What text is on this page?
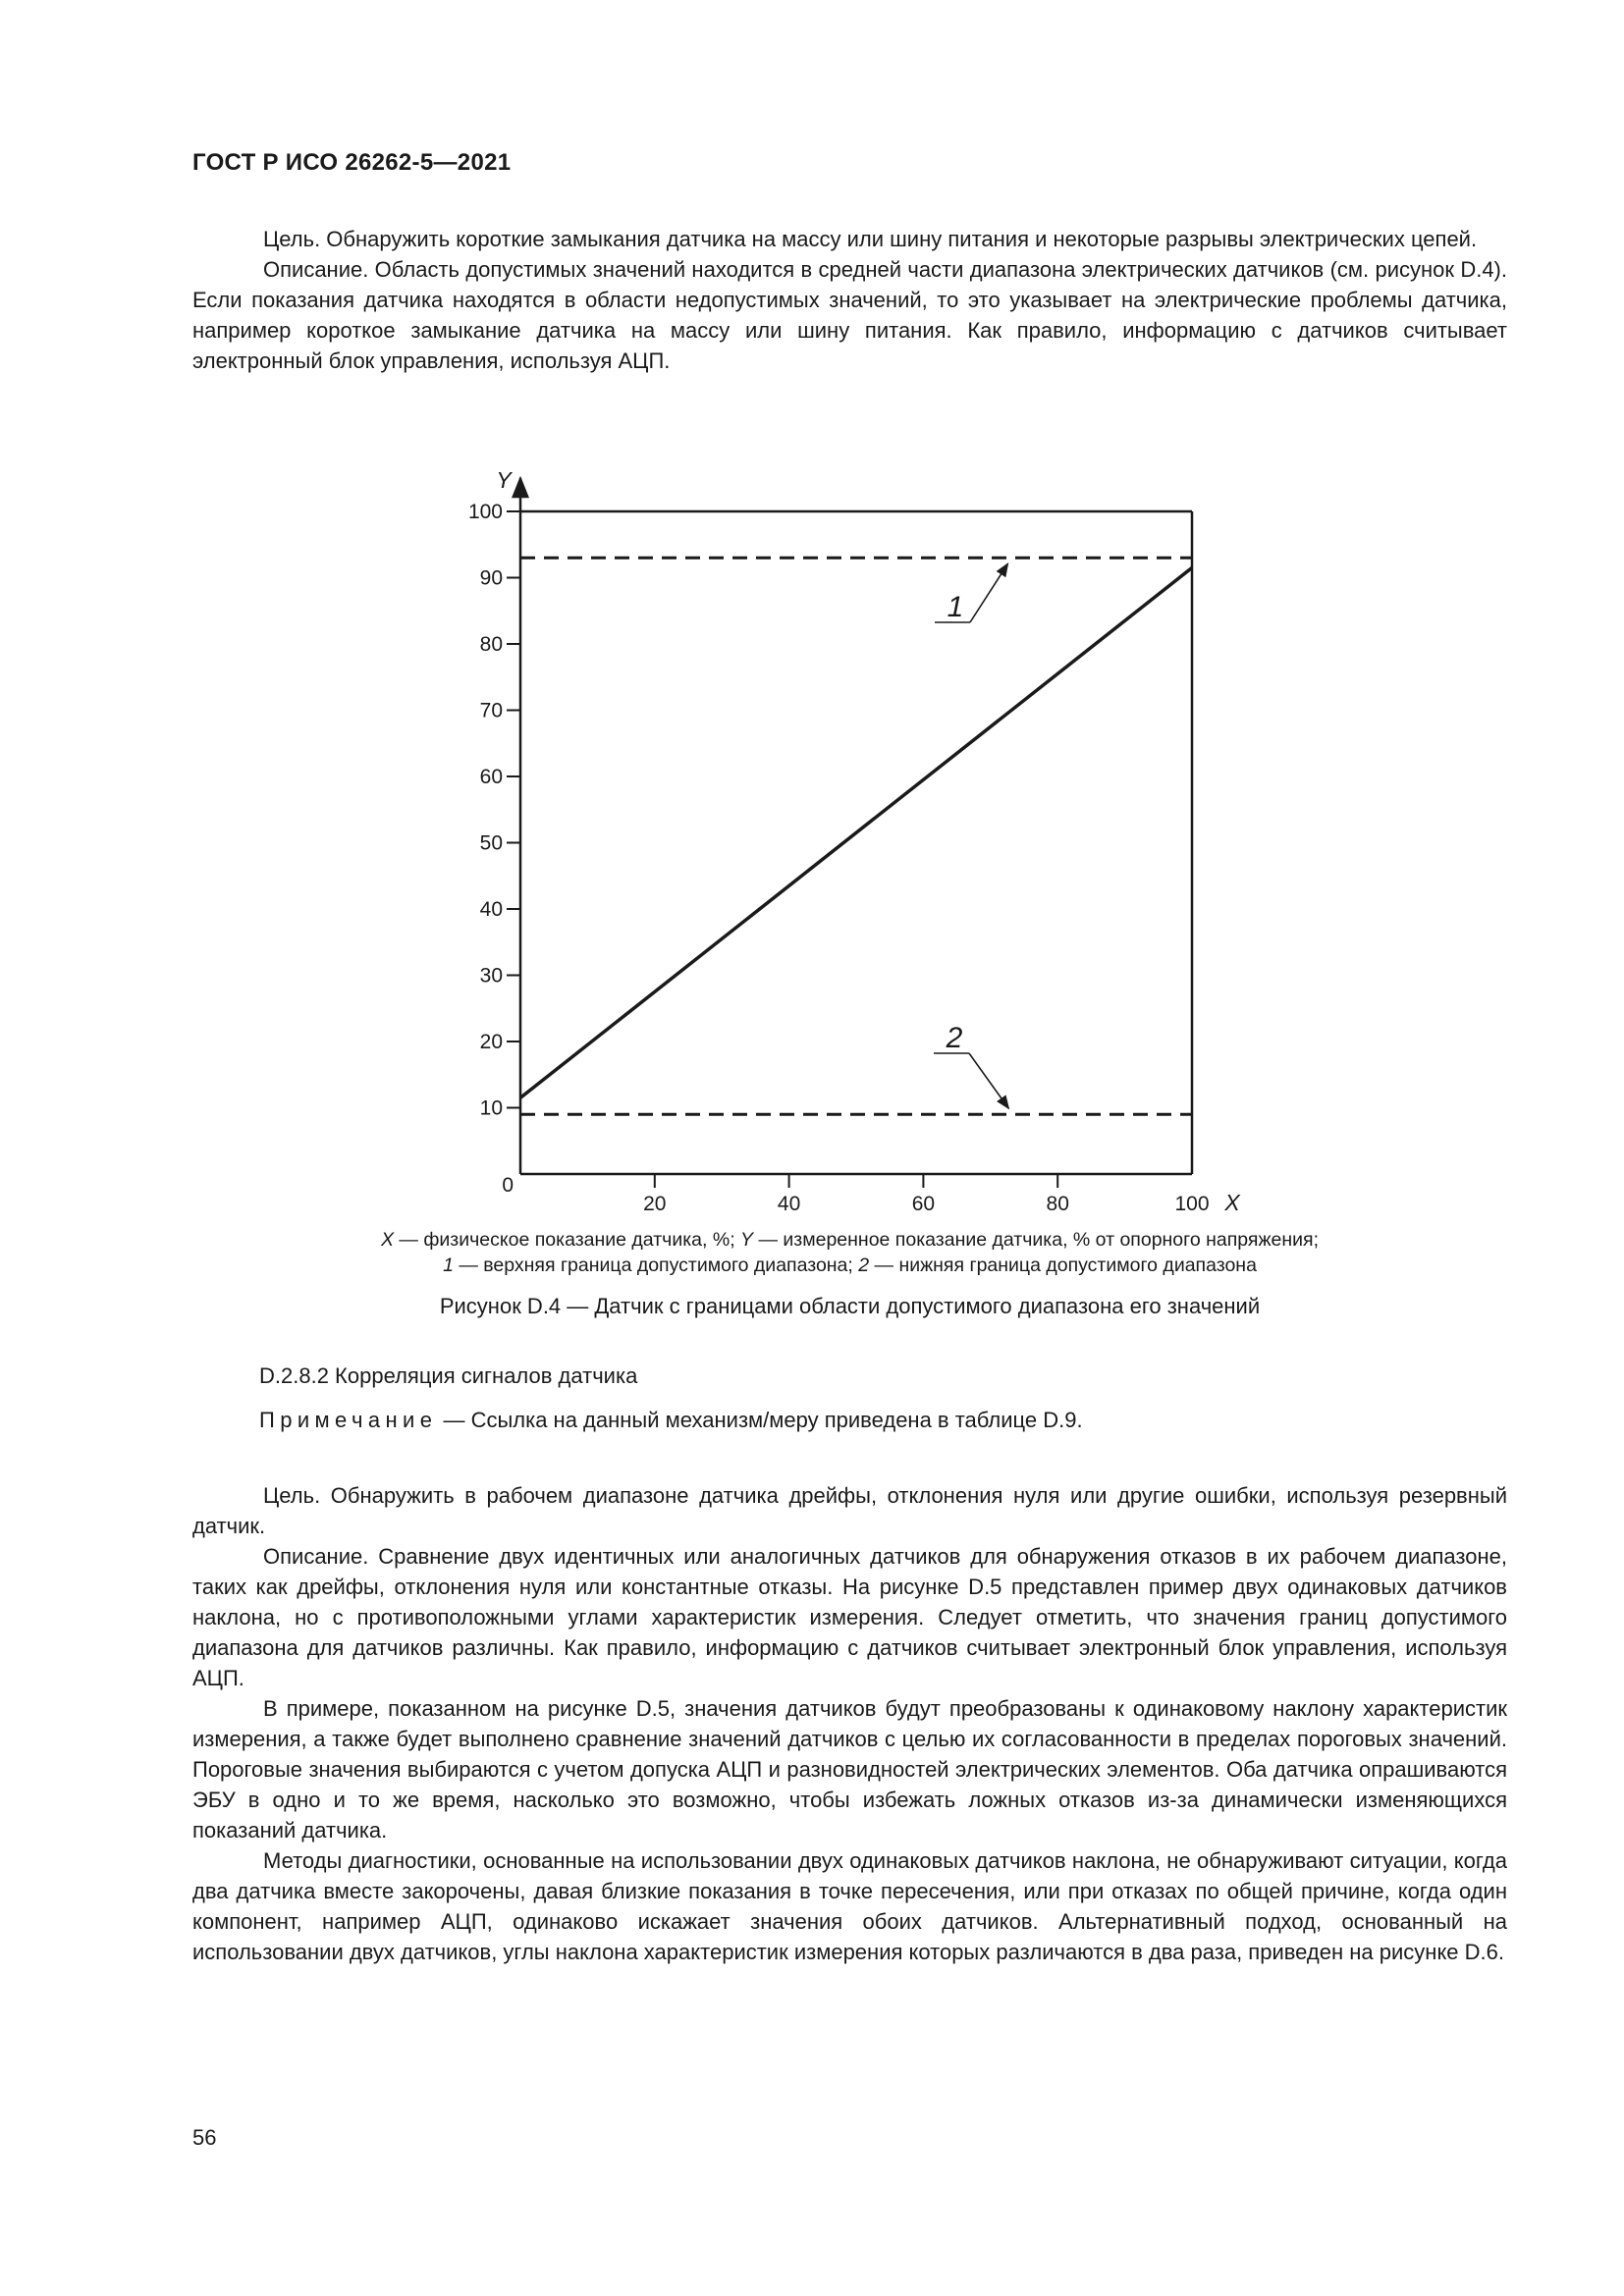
ГОСТ Р ИСО 26262-5—2021

Цель. Обнаружить короткие замыкания датчика на массу или шину питания и некоторые разрывы электрических цепей.

Описание. Область допустимых значений находится в средней части диапазона электрических датчиков (см. рисунок D.4). Если показания датчика находятся в области недопустимых значений, то это указывает на электрические проблемы датчика, например короткое замыкание датчика на массу или шину питания. Как правило, информацию с датчиков считывает электронный блок управления, используя АЦП.

Y
X
0
10
20
30
40
50
60
70
80
90
100
20	40	60	80	100
1
2
X — физическое показание датчика, %; Y — измеренное показание датчика, % от опорного напряжения;
1 — верхняя граница допустимого диапазона; 2 — нижняя граница допустимого диапазона
Рисунок D.4 — Датчик с границами области допустимого диапазона его значений
D.2.8.2 Корреляция сигналов датчика
Примечание — Ссылка на данный механизм/меру приведена в таблице D.9.

Цель. Обнаружить в рабочем диапазоне датчика дрейфы, отклонения нуля или другие ошибки, используя резервный датчик.

Описание. Сравнение двух идентичных или аналогичных датчиков для обнаружения отказов в их рабочем диапазоне, таких как дрейфы, отклонения нуля или константные отказы. На рисунке D.5 представлен пример двух одинаковых датчиков наклона, но с противоположными углами характеристик измерения. Следует отметить, что значения границ допустимого диапазона для датчиков различны. Как правило, информацию с датчиков считывает электронный блок управления, используя АЦП.

В примере, показанном на рисунке D.5, значения датчиков будут преобразованы к одинаковому наклону характеристик измерения, а также будет выполнено сравнение значений датчиков с целью их согласованности в пределах пороговых значений. Пороговые значения выбираются с учетом допуска АЦП и разновидностей электрических элементов. Оба датчика опрашиваются ЭБУ в одно и то же время, насколько это возможно, чтобы избежать ложных отказов из-за динамически изменяющихся показаний датчика.

Методы диагностики, основанные на использовании двух одинаковых датчиков наклона, не обнаруживают ситуации, когда два датчика вместе закорочены, давая близкие показания в точке пересечения, или при отказах по общей причине, когда один компонент, например АЦП, одинаково искажает значения обоих датчиков. Альтернативный подход, основанный на использовании двух датчиков, углы наклона характеристик измерения которых различаются в два раза, приведен на рисунке D.6.

56
